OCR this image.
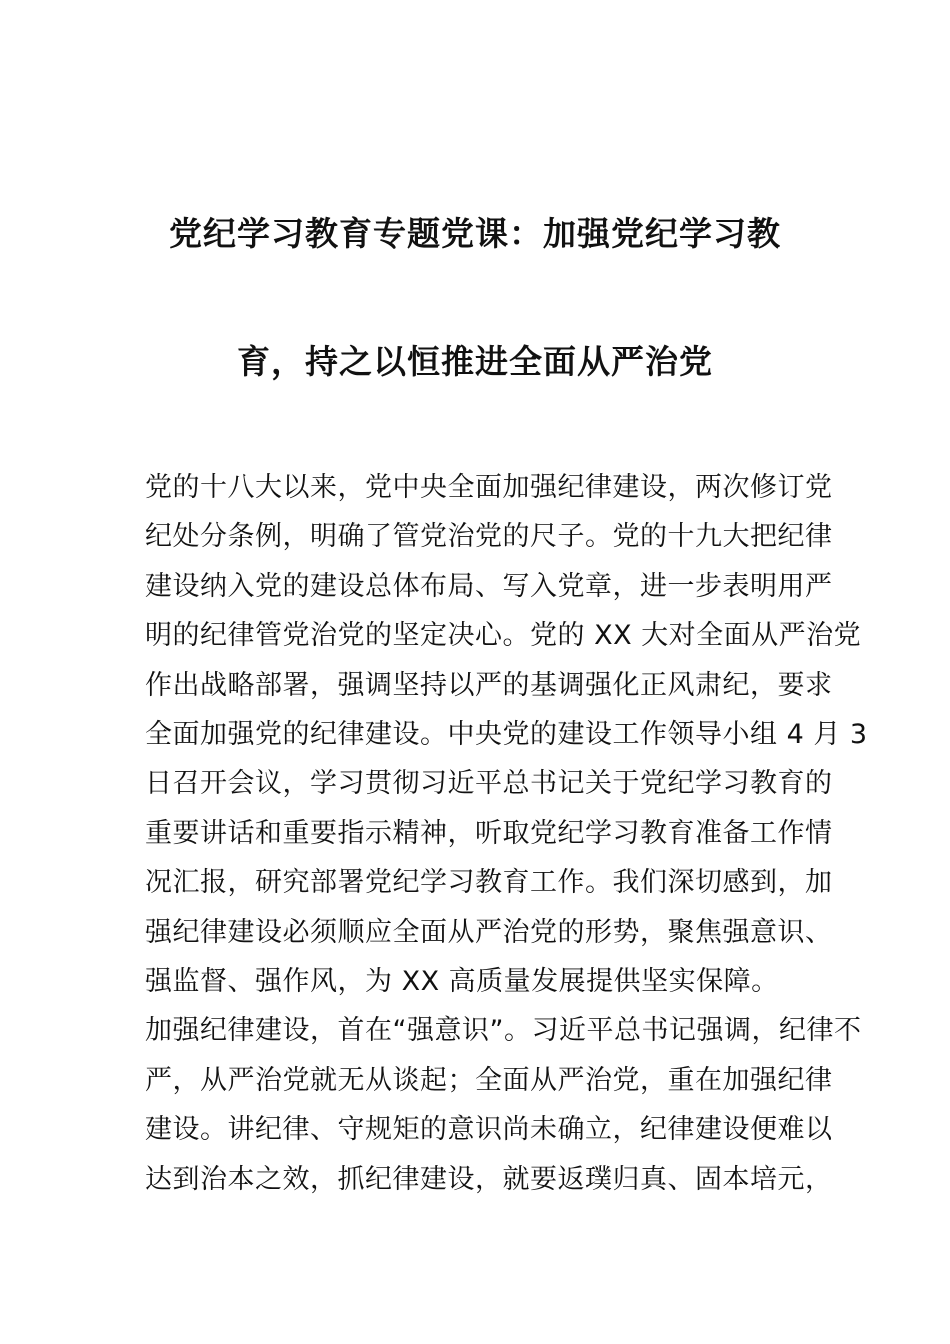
党纪学习教育专题党课：加强党纪学习教
育，持之以恒推进全面从严治党
党的十八大以来，党中央全面加强纪律建设，两次修订党
纪处分条例，明确了管党治党的尺子。党的十九大把纪律
建设纳入党的建设总体布局、写入党章，进一步表明用严
明的纪律管党治党的坚定决心。党的 XX 大对全面从严治党
作出战略部署，强调坚持以严的基调强化正风肃纪，要求
全面加强党的纪律建设。中央党的建设工作领导小组 4 月 3
日召开会议，学习贯彻习近平总书记关于党纪学习教育的
重要讲话和重要指示精神，听取党纪学习教育准备工作情
况汇报，研究部署党纪学习教育工作。我们深切感到，加
强纪律建设必须顺应全面从严治党的形势，聚焦强意识、
强监督、强作风，为 XX 高质量发展提供坚实保障。
加强纪律建设，首在“强意识”。习近平总书记强调，纪律不
严，从严治党就无从谈起；全面从严治党，重在加强纪律
建设。讲纪律、守规矩的意识尚未确立，纪律建设便难以
达到治本之效，抓纪律建设，就要返璞归真、固本培元，
